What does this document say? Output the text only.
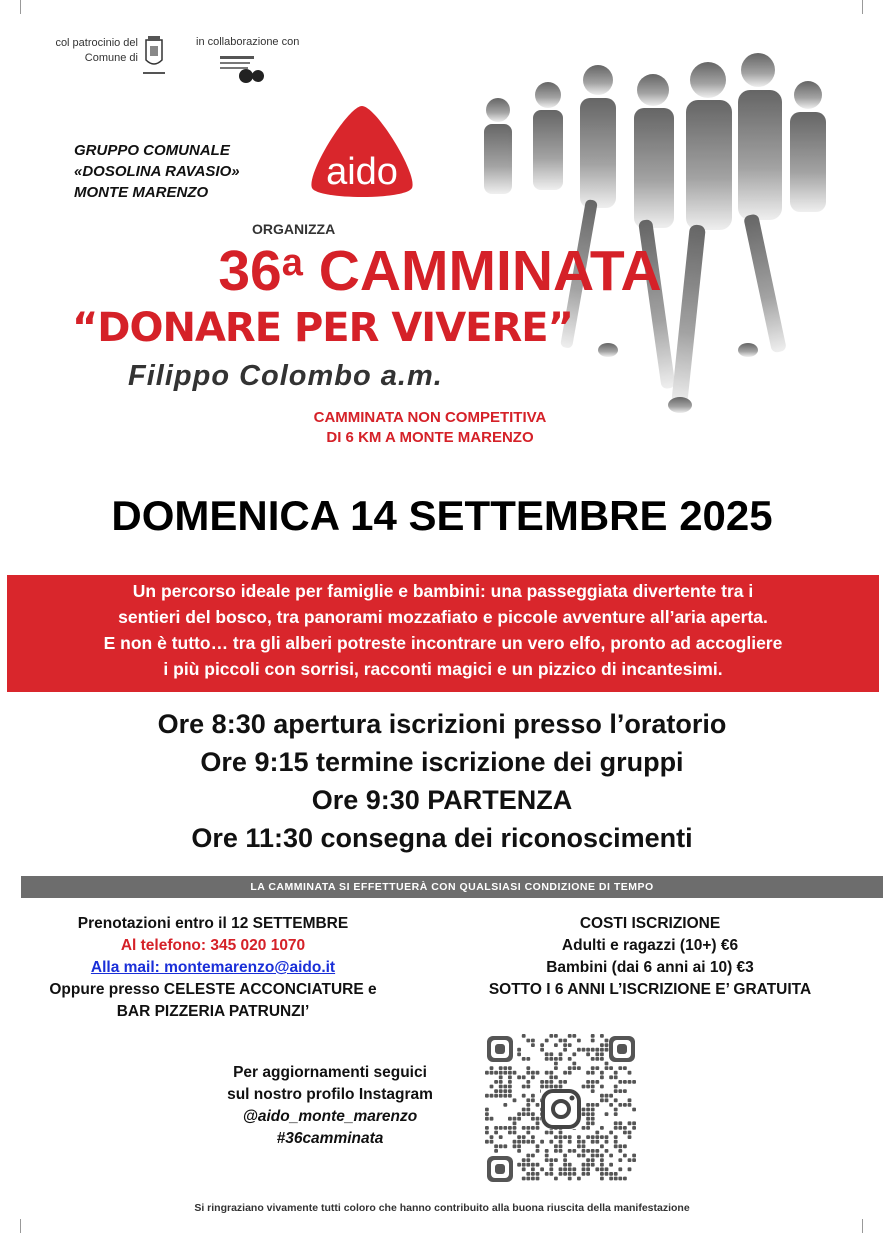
col patrocinio del
Comune di
in collaborazione con
GRUPPO COMUNALE
«DOSOLINA RAVASIO»
MONTE MARENZO	aido
ORGANIZZA
36$^a$ CAMMINATA
“DONARE PER VIVERE”
Filippo Colombo a.m.
CAMMINATA NON COMPETITIVA
DI 6 KM A MONTE MARENZO
DOMENICA 14 SETTEMBRE 2025
Un percorso ideale per famiglie e bambini: una passeggiata divertente tra i
sentieri del bosco, tra panorami mozzafiato e piccole avventure all’aria aperta.
E non è tutto… tra gli alberi potreste incontrare un vero elfo, pronto ad accogliere
i più piccoli con sorrisi, racconti magici e un pizzico di incantesimi.
Ore 8:30 apertura iscrizioni presso l’oratorio
Ore 9:15 termine iscrizione dei gruppi
Ore 9:30 PARTENZA
Ore 11:30 consegna dei riconoscimenti
LA CAMMINATA SI EFFETTUERÀ CON QUALSIASI CONDIZIONE DI TEMPO
Prenotazioni entro il 12 SETTEMBRE
Al telefono: 345 020 1070
Alla mail: montemarenzo@aido.it
Oppure presso CELESTE ACCONCIATURE e
BAR PIZZERIA PATRUNZI’
COSTI ISCRIZIONE
Adulti e ragazzi (10+) €6
Bambini (dai 6 anni ai 10) €3
SOTTO I 6 ANNI L’ISCRIZIONE E’ GRATUITA
Per aggiornamenti seguici
sul nostro profilo Instagram
@aido_monte_marenzo
#36camminata
Si ringraziano vivamente tutti coloro che hanno contribuito alla buona riuscita della manifestazione
